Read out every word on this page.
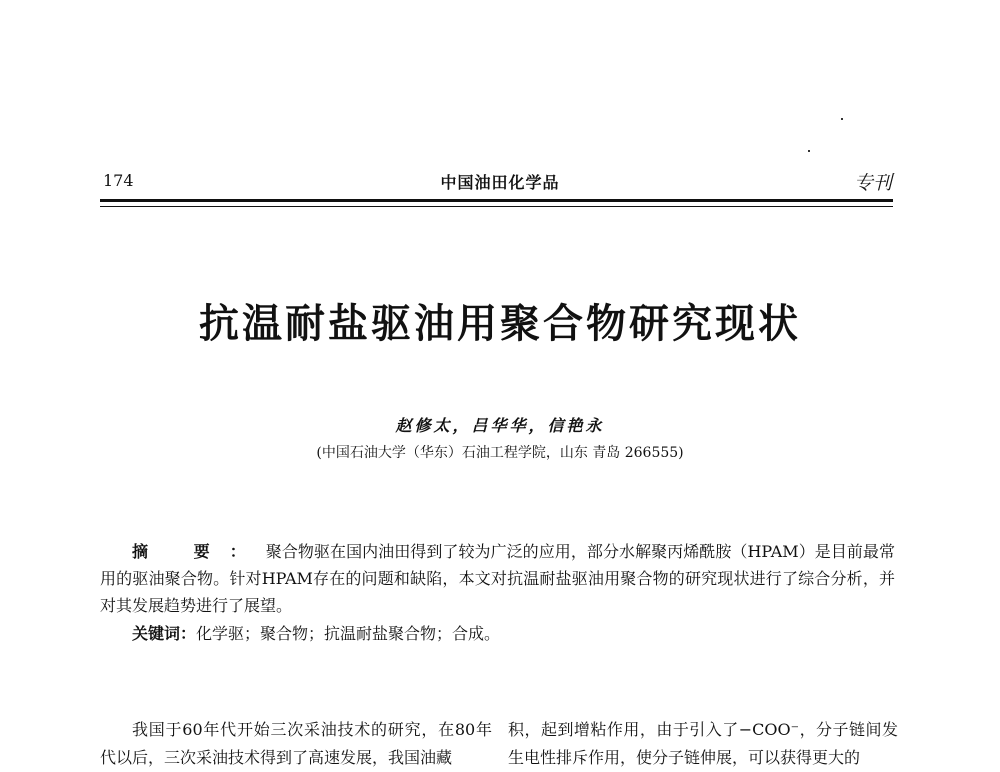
174	中国油田化学品	专刊
抗温耐盐驱油用聚合物研究现状
赵修太，吕华华，信艳永
(中国石油大学（华东）石油工程学院，山东 青岛 266555)
摘 要：聚合物驱在国内油田得到了较为广泛的应用，部分水解聚丙烯酰胺（HPAM）是目前最常用的驱油聚合物。针对HPAM存在的问题和缺陷，本文对抗温耐盐驱油用聚合物的研究现状进行了综合分析，并对其发展趋势进行了展望。
关键词：化学驱；聚合物；抗温耐盐聚合物；合成。
我国于60年代开始三次采油技术的研究，在80年代以后，三次采油技术得到了高速发展，我国油藏
积，起到增粘作用，由于引入了−COO⁻，分子链间发生电性排斥作用，使分子链伸展，可以获得更大的
